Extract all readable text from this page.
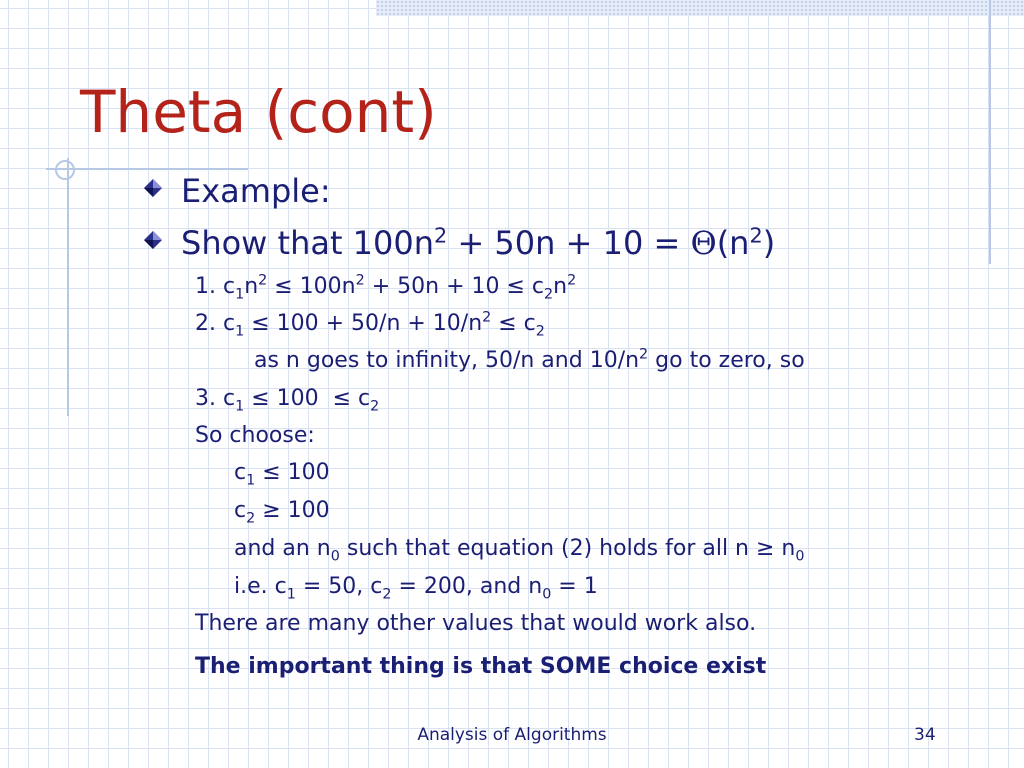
Theta (cont)
Example:
Show that $100n^2 + 50n + 10 = \Theta(n^2)$
1. $c_1n^2 \le 100n^2 + 50n + 10 \le c_2n^2$
2. $c_1 \le 100 + 50/n + 10/n^2 \le c_2$
as n goes to infinity, 50/n and $10/n^2$ go to zero, so
3. $c_1 \le 100 \le c_2$
So choose:
$c_1 \le 100$
$c_2 \ge 100$
and an $n_0$ such that equation (2) holds for all $n \ge n_0$
i.e. $c_1 = 50$, $c_2 = 200$, and $n_0 = 1$
There are many other values that would work also.
The important thing is that SOME choice exist
Analysis of Algorithms	34
